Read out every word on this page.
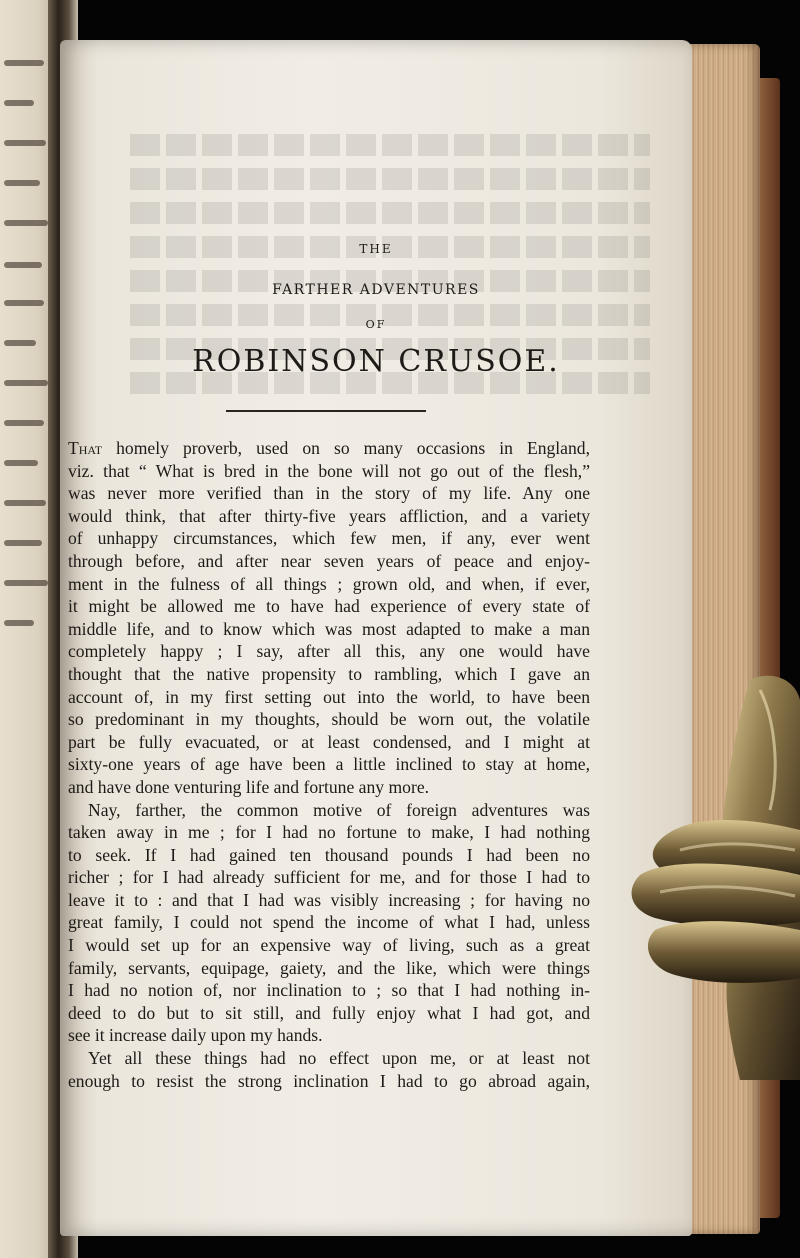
THE
FARTHER ADVENTURES
OF
ROBINSON CRUSOE.
That homely proverb, used on so many occasions in England,
viz. that “ What is bred in the bone will not go out of the flesh,”
was never more verified than in the story of my life. Any one
would think, that after thirty-five years affliction, and a variety
of unhappy circumstances, which few men, if any, ever went
through before, and after near seven years of peace and enjoy-
ment in the fulness of all things ; grown old, and when, if ever,
it might be allowed me to have had experience of every state of
middle life, and to know which was most adapted to make a man
completely happy ; I say, after all this, any one would have
thought that the native propensity to rambling, which I gave an
account of, in my first setting out into the world, to have been
so predominant in my thoughts, should be worn out, the volatile
part be fully evacuated, or at least condensed, and I might at
sixty-one years of age have been a little inclined to stay at home,
and have done venturing life and fortune any more.
Nay, farther, the common motive of foreign adventures was
taken away in me ; for I had no fortune to make, I had nothing
to seek. If I had gained ten thousand pounds I had been no
richer ; for I had already sufficient for me, and for those I had to
leave it to : and that I had was visibly increasing ; for having no
great family, I could not spend the income of what I had, unless
I would set up for an expensive way of living, such as a great
family, servants, equipage, gaiety, and the like, which were things
I had no notion of, nor inclination to ; so that I had nothing in-
deed to do but to sit still, and fully enjoy what I had got, and
see it increase daily upon my hands.
Yet all these things had no effect upon me, or at least not
enough to resist the strong inclination I had to go abroad again,
